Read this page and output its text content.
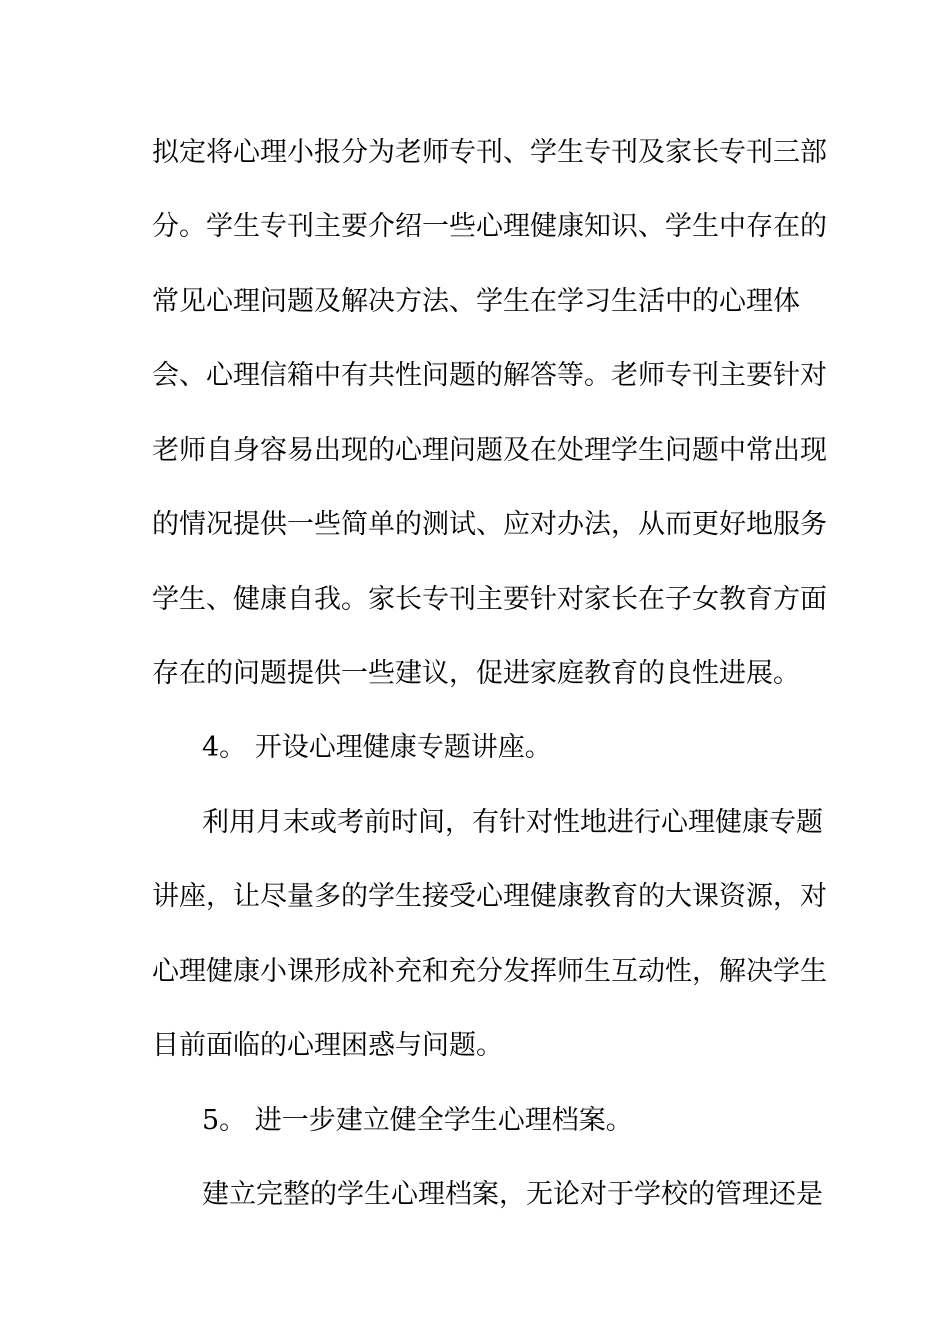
拟定将心理小报分为老师专刊、学生专刊及家长专刊三部
分。学生专刊主要介绍一些心理健康知识、学生中存在的
常见心理问题及解决方法、学生在学习生活中的心理体
会、心理信箱中有共性问题的解答等。老师专刊主要针对
老师自身容易出现的心理问题及在处理学生问题中常出现
的情况提供一些简单的测试、应对办法，从而更好地服务
学生、健康自我。家长专刊主要针对家长在子女教育方面
存在的问题提供一些建议，促进家庭教育的良性进展。
4。 开设心理健康专题讲座。
利用月末或考前时间，有针对性地进行心理健康专题
讲座，让尽量多的学生接受心理健康教育的大课资源，对
心理健康小课形成补充和充分发挥师生互动性，解决学生
目前面临的心理困惑与问题。
5。 进一步建立健全学生心理档案。
建立完整的学生心理档案，无论对于学校的管理还是
